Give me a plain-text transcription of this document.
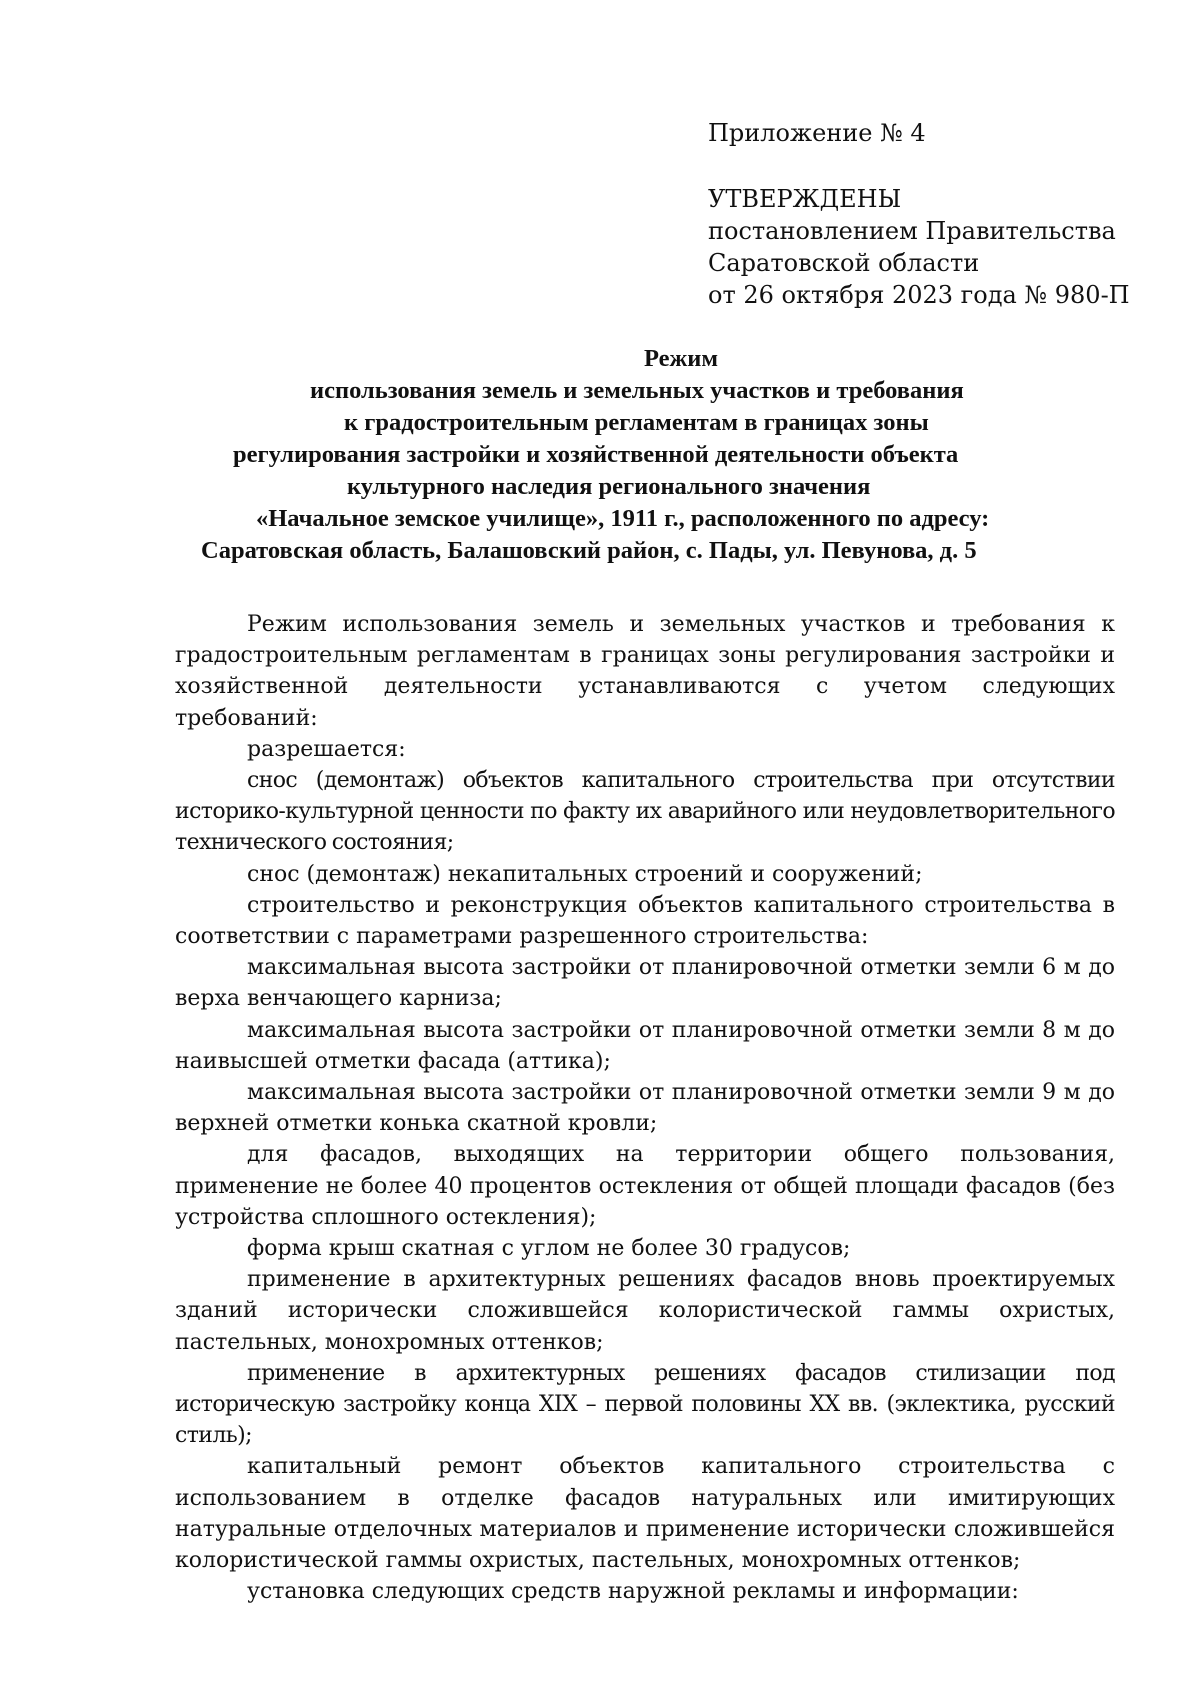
Приложение № 4

УТВЕРЖДЕНЫ
постановлением Правительства
Саратовской области
от 26 октября 2023 года № 980-П
Режим
использования земель и земельных участков и требования
к градостроительным регламентам в границах зоны
регулирования застройки и хозяйственной деятельности объекта
культурного наследия регионального значения
«Начальное земское училище», 1911 г., расположенного по адресу:
Саратовская область, Балашовский район, с. Пады, ул. Певунова, д. 5

Режим использования земель и земельных участков и требования к градостроительным регламентам в границах зоны регулирования застройки и хозяйственной деятельности устанавливаются с учетом следующих требований:

разрешается:

снос (демонтаж) объектов капитального строительства при отсутствии историко-культурной ценности по факту их аварийного или неудовлетворительного технического состояния;

снос (демонтаж) некапитальных строений и сооружений;

строительство и реконструкция объектов капитального строительства в соответствии с параметрами разрешенного строительства:

максимальная высота застройки от планировочной отметки земли 6 м до верха венчающего карниза;

максимальная высота застройки от планировочной отметки земли 8 м до наивысшей отметки фасада (аттика);

максимальная высота застройки от планировочной отметки земли 9 м до верхней отметки конька скатной кровли;

для фасадов, выходящих на территории общего пользования, применение не более 40 процентов остекления от общей площади фасадов (без устройства сплошного остекления);

форма крыш скатная с углом не более 30 градусов;

применение в архитектурных решениях фасадов вновь проектируемых зданий исторически сложившейся колористической гаммы охристых, пастельных, монохромных оттенков;

применение в архитектурных решениях фасадов стилизации под историческую застройку конца XIX – первой половины XX вв. (эклектика, русский стиль);

капитальный ремонт объектов капитального строительства с использованием в отделке фасадов натуральных или имитирующих натуральные отделочных материалов и применение исторически сложившейся колористической гаммы охристых, пастельных, монохромных оттенков;

установка следующих средств наружной рекламы и информации:
